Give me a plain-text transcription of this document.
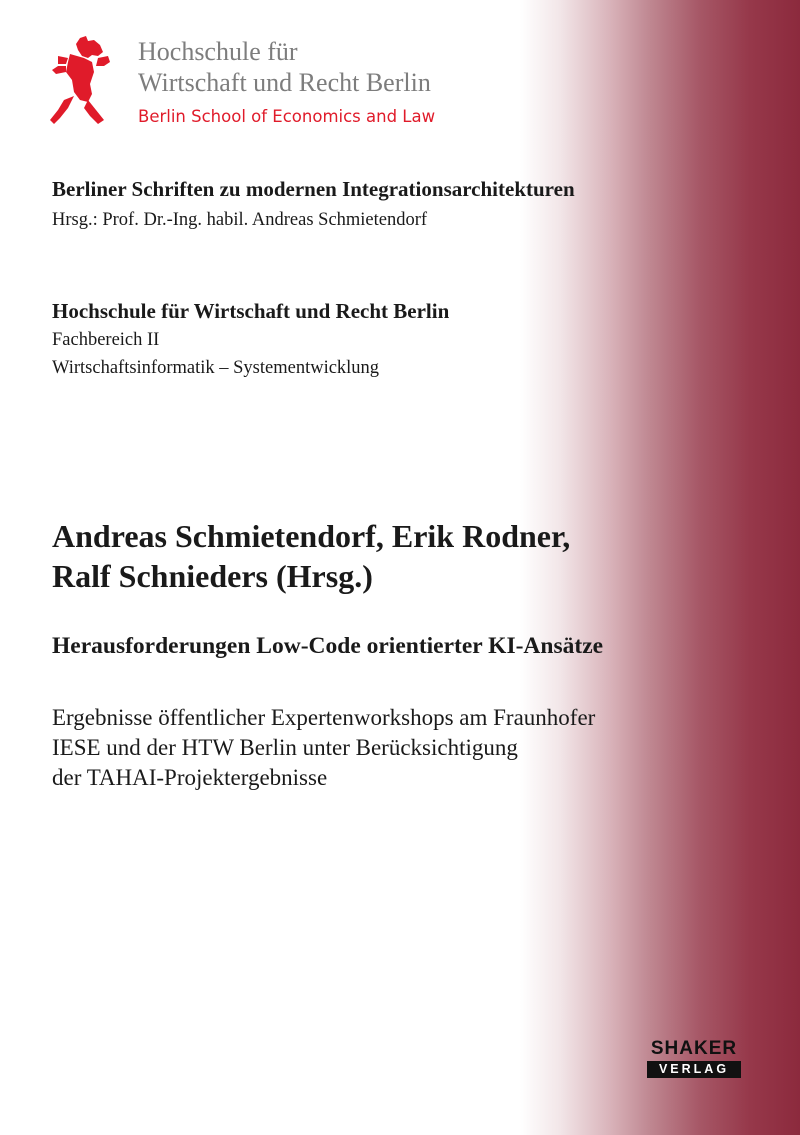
Hochschule für
Wirtschaft und Recht Berlin
Berlin School of Economics and Law
Berliner Schriften zu modernen Integrationsarchitekturen
Hrsg.: Prof. Dr.-Ing. habil. Andreas Schmietendorf
Hochschule für Wirtschaft und Recht Berlin
Fachbereich II
Wirtschaftsinformatik – Systementwicklung
Andreas Schmietendorf, Erik Rodner,
Ralf Schnieders (Hrsg.)
Herausforderungen Low-Code orientierter KI-Ansätze
Ergebnisse öffentlicher Expertenworkshops am Fraunhofer
IESE und der HTW Berlin unter Berücksichtigung
der TAHAI-Projektergebnisse
SHAKER
VERLAG
